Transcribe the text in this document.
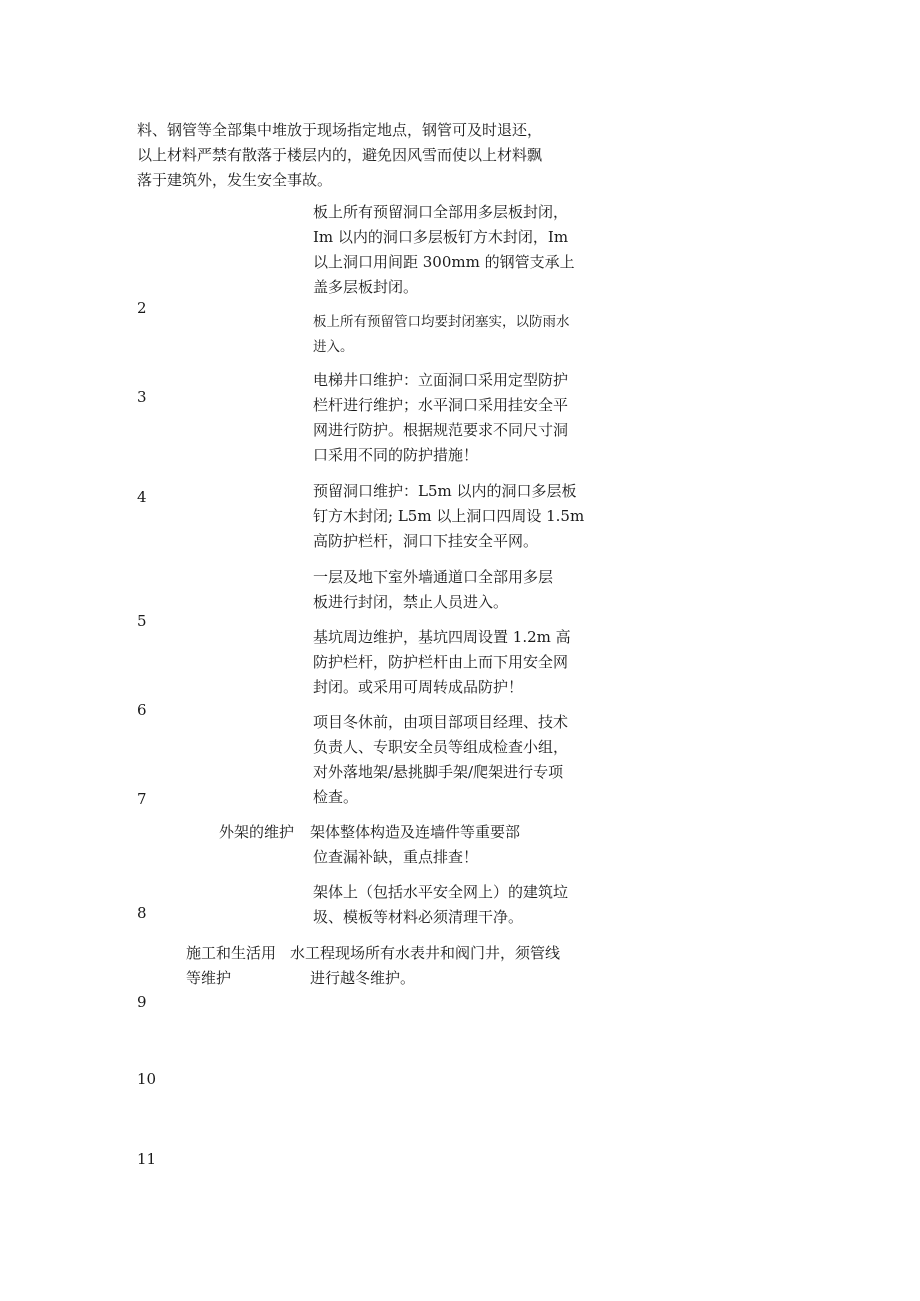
料、钢管等全部集中堆放于现场指定地点，钢管可及时退还，
以上材料严禁有散落于楼层内的，避免因风雪而使以上材料飘
落于建筑外，发生安全事故。
2
3
4
5
6
7
8
9
10
11
板上所有预留洞口全部用多层板封闭，
Im 以内的洞口多层板钉方木封闭，Im
以上洞口用间距 300mm 的钢管支承上
盖多层板封闭。
板上所有预留管口均要封闭塞实，以防雨水
进入。
电梯井口维护：立面洞口采用定型防护
栏杆进行维护；水平洞口采用挂安全平
网进行防护。根据规范要求不同尺寸洞
口采用不同的防护措施！
预留洞口维护：L5m 以内的洞口多层板
钉方木封闭; L5m 以上洞口四周设 1.5m
高防护栏杆，洞口下挂安全平网。
一层及地下室外墙通道口全部用多层
板进行封闭，禁止人员进入。
基坑周边维护，基坑四周设置 1.2m 高
防护栏杆，防护栏杆由上而下用安全网
封闭。或采用可周转成品防护！
项目冬休前，由项目部项目经理、技术
负责人、专职安全员等组成检查小组，
对外落地架/悬挑脚手架/爬架进行专项
检查。
外架的维护 架体整体构造及连墙件等重要部
位查漏补缺，重点排查！
架体上（包括水平安全网上）的建筑垃
圾、模板等材料必须清理干净。
施工和生活用
等维护
水工程现场所有水表井和阀门井，须管线
进行越冬维护。
